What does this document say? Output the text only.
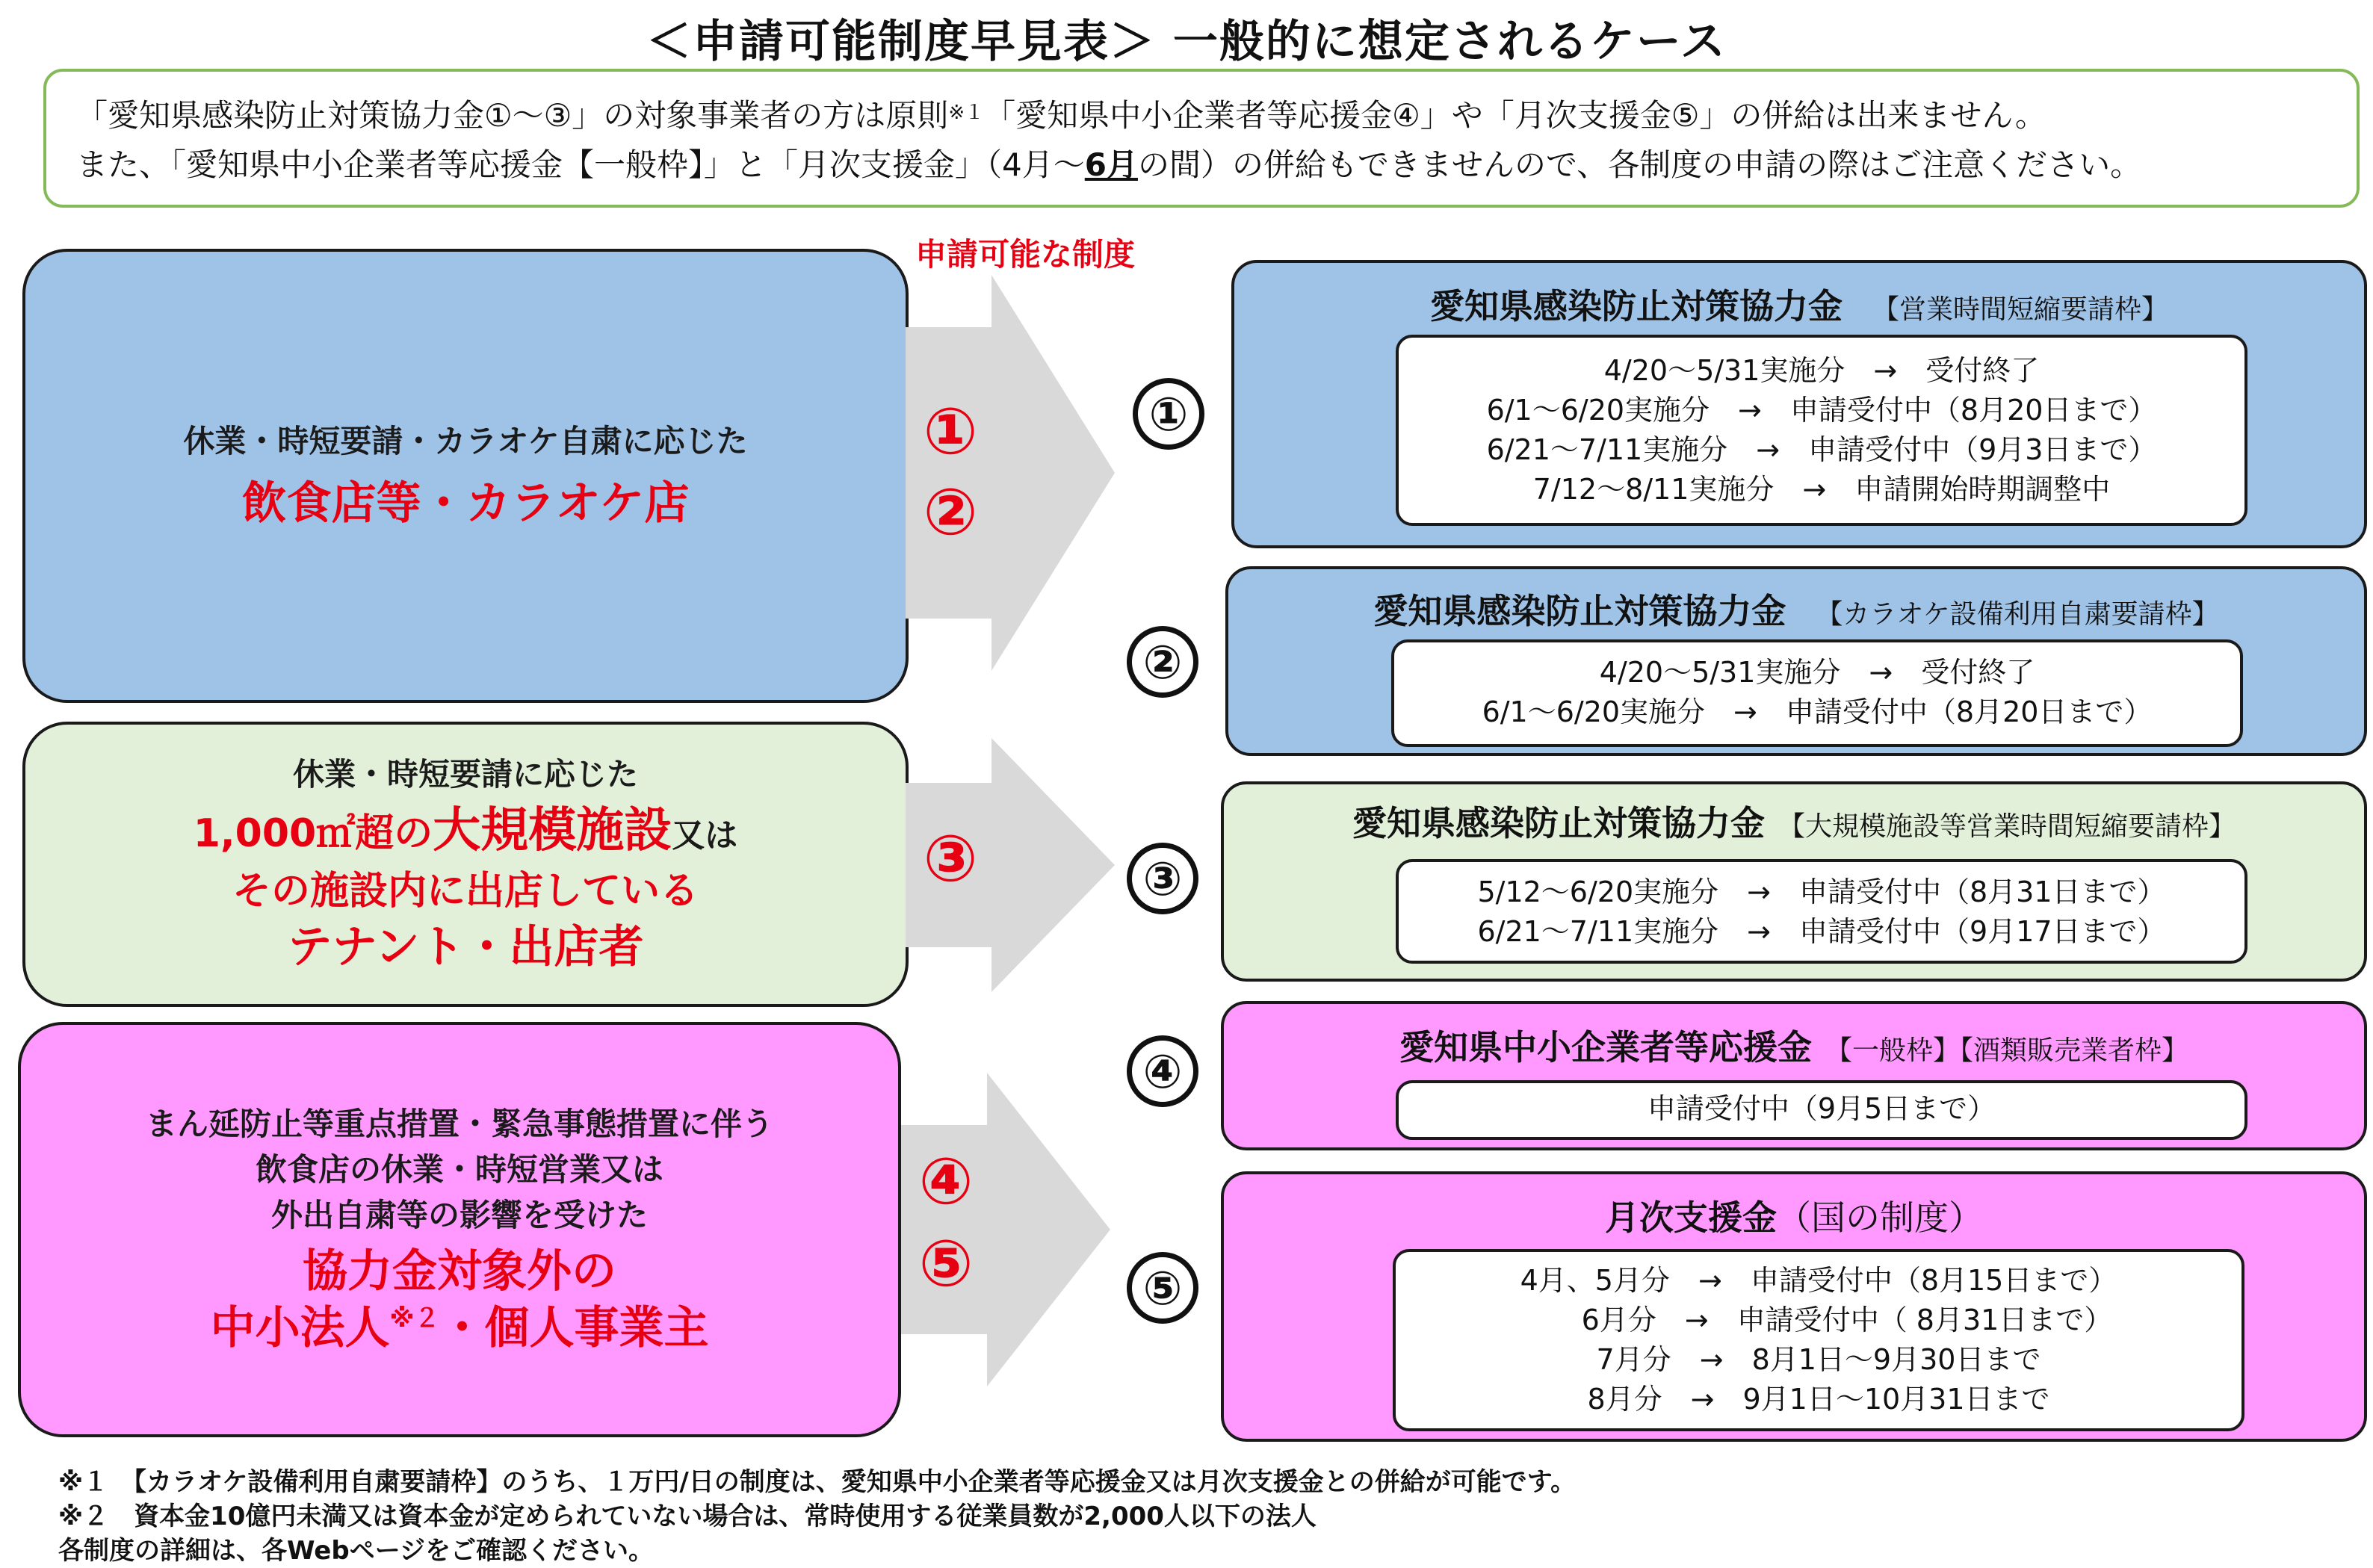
＜申請可能制度早見表＞ 一般的に想定されるケース
「愛知県感染防止対策協力金①～③」の対象事業者の方は原則$^{※1}$「愛知県中小企業者等応援金④」や「月次支援金⑤」の併給は出来ません。
また、「愛知県中小企業者等応援金【一般枠】」と「月次支援金」（4月～6月の間）の併給もできませんので、各制度の申請の際はご注意ください。
申請可能な制度
休業・時短要請・カラオケ自粛に応じた
飲食店等・カラオケ店
休業・時短要請に応じた
1,000㎡超の大規模施設又は
その施設内に出店している
テナント・出店者
まん延防止等重点措置・緊急事態措置に伴う
飲食店の休業・時短営業又は
外出自粛等の影響を受けた
協力金対象外の
中小法人$^{※2}$・個人事業主
①
②
③
④
⑤
①
②
③
④
⑤
愛知県感染防止対策協力金 【営業時間短縮要請枠】
4/20～5/31実施分　→　受付終了
6/1～6/20実施分　→　申請受付中（8月20日まで）
6/21～7/11実施分　→　申請受付中（9月3日まで）
7/12～8/11実施分　→　申請開始時期調整中
愛知県感染防止対策協力金 【カラオケ設備利用自粛要請枠】
4/20～5/31実施分　→　受付終了
6/1～6/20実施分　→　申請受付中（8月20日まで）
愛知県感染防止対策協力金 【大規模施設等営業時間短縮要請枠】
5/12～6/20実施分　→　申請受付中（8月31日まで）
6/21～7/11実施分　→　申請受付中（9月17日まで）
愛知県中小企業者等応援金 【一般枠】【酒類販売業者枠】
申請受付中（9月5日まで）
月次支援金（国の制度）
4月、5月分　→　申請受付中（8月15日まで）
　　6月分　→　申請受付中（ 8月31日まで）
7月分　→　8月1日～9月30日まで
8月分　→　9月1日～10月31日まで
※１　【カラオケ設備利用自粛要請枠】のうち、１万円/日の制度は、愛知県中小企業者等応援金又は月次支援金との併給が可能です。
※２　資本金10億円未満又は資本金が定められていない場合は、常時使用する従業員数が2,000人以下の法人
各制度の詳細は、各Webページをご確認ください。
